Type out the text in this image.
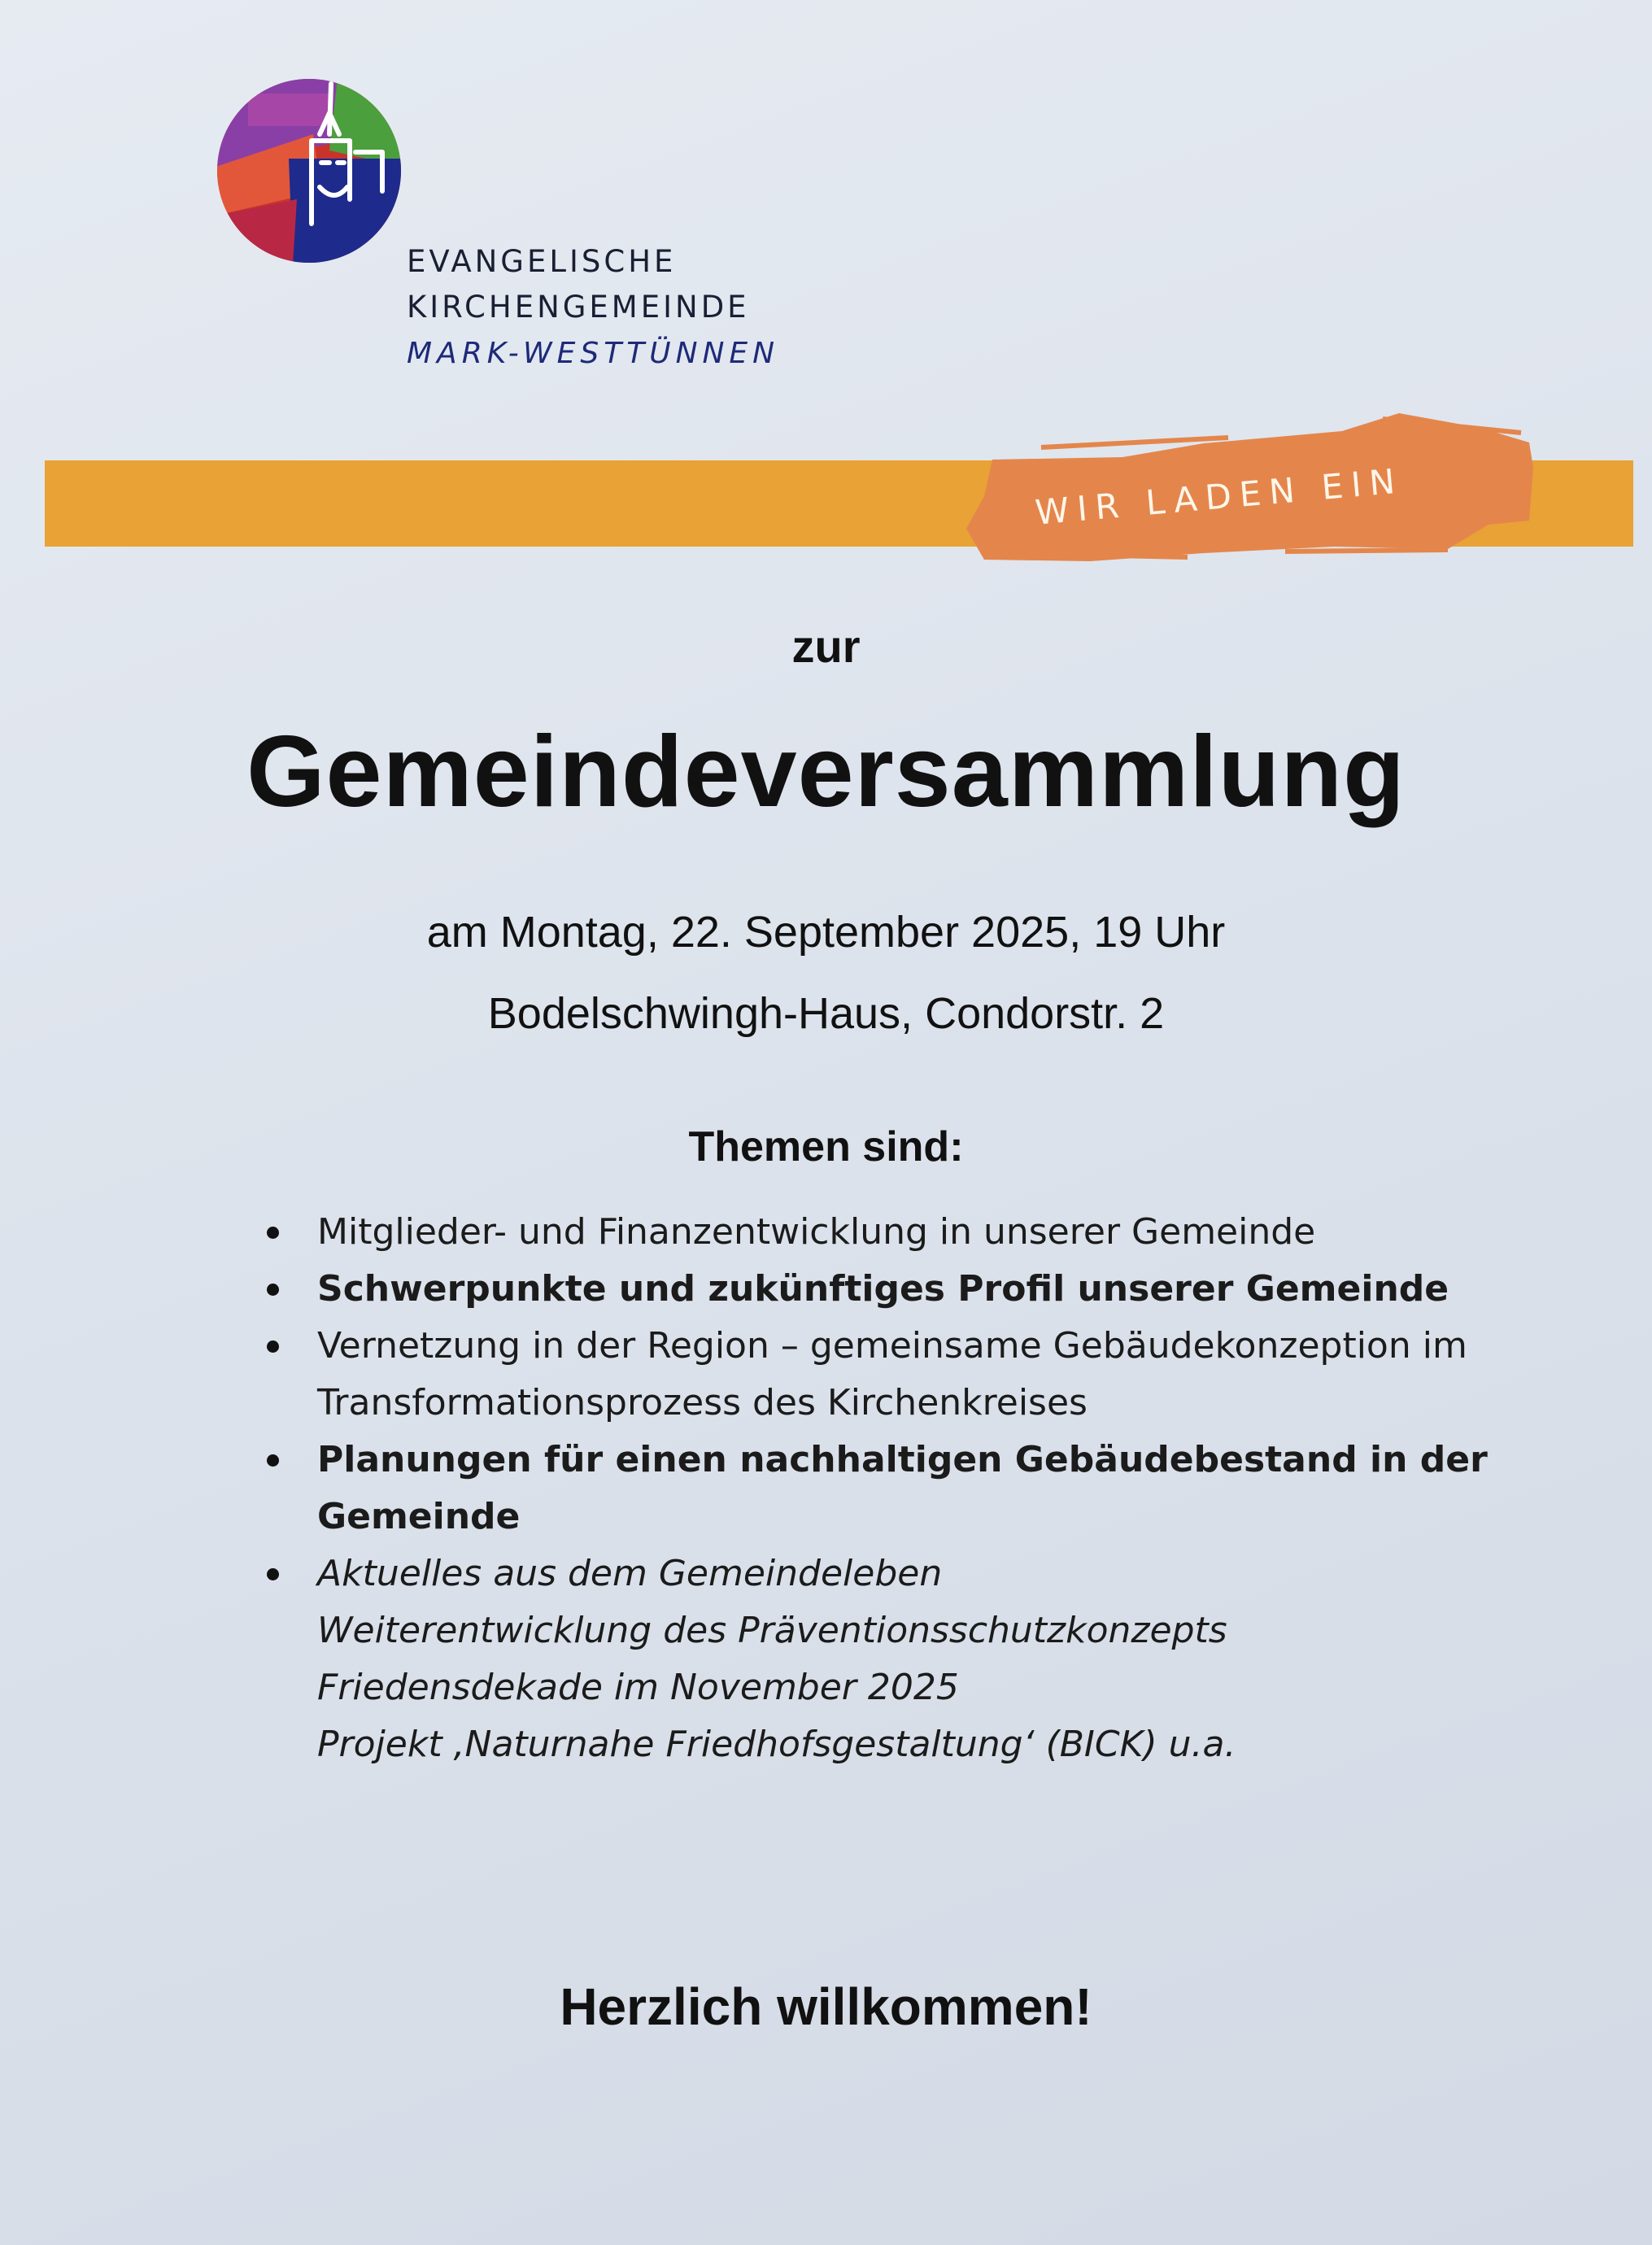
EVANGELISCHE
KIRCHENGEMEINDE
MARK-WESTTÜNNEN
WIR LADEN EIN
zur
Gemeindeversammlung
am Montag, 22. September 2025, 19 Uhr
Bodelschwingh-Haus, Condorstr. 2
Themen sind:
Mitglieder- und Finanzentwicklung in unserer Gemeinde
Schwerpunkte und zukünftiges Profil unserer Gemeinde
Vernetzung in der Region – gemeinsame Gebäudekonzeption im Transformationsprozess des Kirchenkreises
Planungen für einen nachhaltigen Gebäudebestand in der Gemeinde
Aktuelles aus dem Gemeindeleben
Weiterentwicklung des Präventionsschutzkonzepts
Friedensdekade im November 2025
Projekt ‚Naturnahe Friedhofsgestaltung‘ (BICK) u.a.
Herzlich willkommen!
